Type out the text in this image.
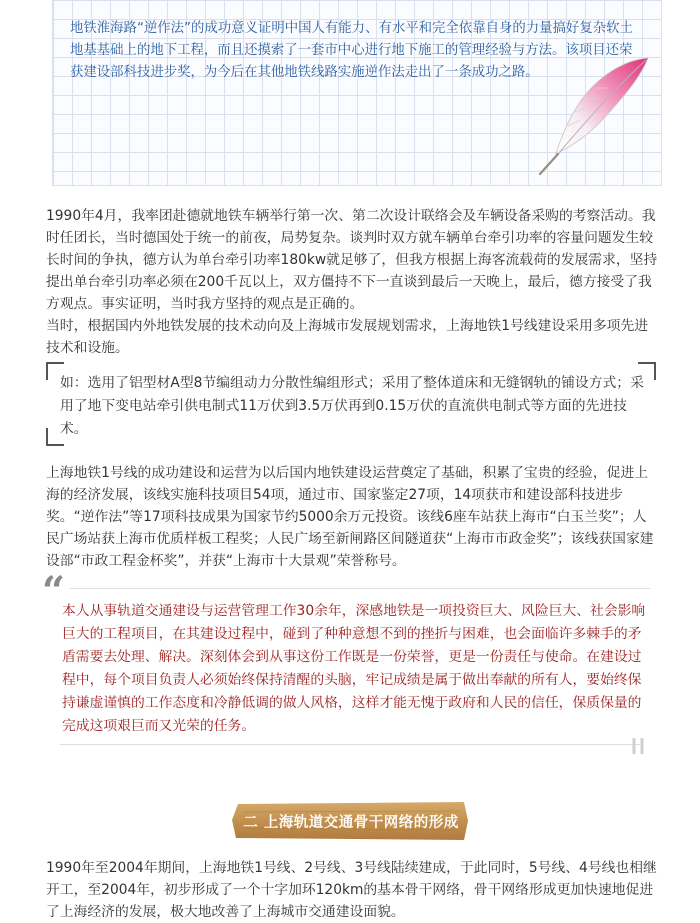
地铁淮海路“逆作法”的成功意义证明中国人有能力、有水平和完全依靠自身的力量搞好复杂软土地基基础上的地下工程，而且还摸索了一套市中心进行地下施工的管理经验与方法。该项目还荣获建设部科技进步奖，为今后在其他地铁线路实施逆作法走出了一条成功之路。
1990年4月，我率团赴德就地铁车辆举行第一次、第二次设计联络会及车辆设备采购的考察活动。我时任团长，当时德国处于统一的前夜，局势复杂。谈判时双方就车辆单台牵引功率的容量问题发生较长时间的争执，德方认为单台牵引功率180kw就足够了，但我方根据上海客流载荷的发展需求，坚持提出单台牵引功率必须在200千瓦以上，双方僵持不下一直谈到最后一天晚上，最后，德方接受了我方观点。事实证明，当时我方坚持的观点是正确的。
当时，根据国内外地铁发展的技术动向及上海城市发展规划需求，上海地铁1号线建设采用多项先进技术和设施。
如：选用了铝型材A型8节编组动力分散性编组形式；采用了整体道床和无缝钢轨的铺设方式；采用了地下变电站牵引供电制式11万伏到3.5万伏再到0.15万伏的直流供电制式等方面的先进技术。
上海地铁1号线的成功建设和运营为以后国内地铁建设运营奠定了基础，积累了宝贵的经验，促进上海的经济发展，该线实施科技项目54项，通过市、国家鉴定27项，14项获市和建设部科技进步奖。“逆作法”等17项科技成果为国家节约5000余万元投资。该线6座车站获上海市“白玉兰奖”；人民广场站获上海市优质样板工程奖；人民广场至新闸路区间隧道获“上海市市政金奖”；该线获国家建设部“市政工程金杯奖”，并获“上海市十大景观”荣誉称号。
“ 本人从事轨道交通建设与运营管理工作30余年，深感地铁是一项投资巨大、风险巨大、社会影响巨大的工程项目，在其建设过程中，碰到了种种意想不到的挫折与困难，也会面临许多棘手的矛盾需要去处理、解决。深刻体会到从事这份工作既是一份荣誉，更是一份责任与使命。在建设过程中，每个项目负责人必须始终保持清醒的头脑，牢记成绩是属于做出奉献的所有人，要始终保持谦虚谨慎的工作态度和冷静低调的做人风格，这样才能无愧于政府和人民的信任，保质保量的完成这项艰巨而又光荣的任务。
二 上海轨道交通骨干网络的形成
1990年至2004年期间，上海地铁1号线、2号线、3号线陆续建成，于此同时，5号线、4号线也相继开工，至2004年，初步形成了一个十字加环120km的基本骨干网络，骨干网络形成更加快速地促进了上海经济的发展，极大地改善了上海城市交通建设面貌。
